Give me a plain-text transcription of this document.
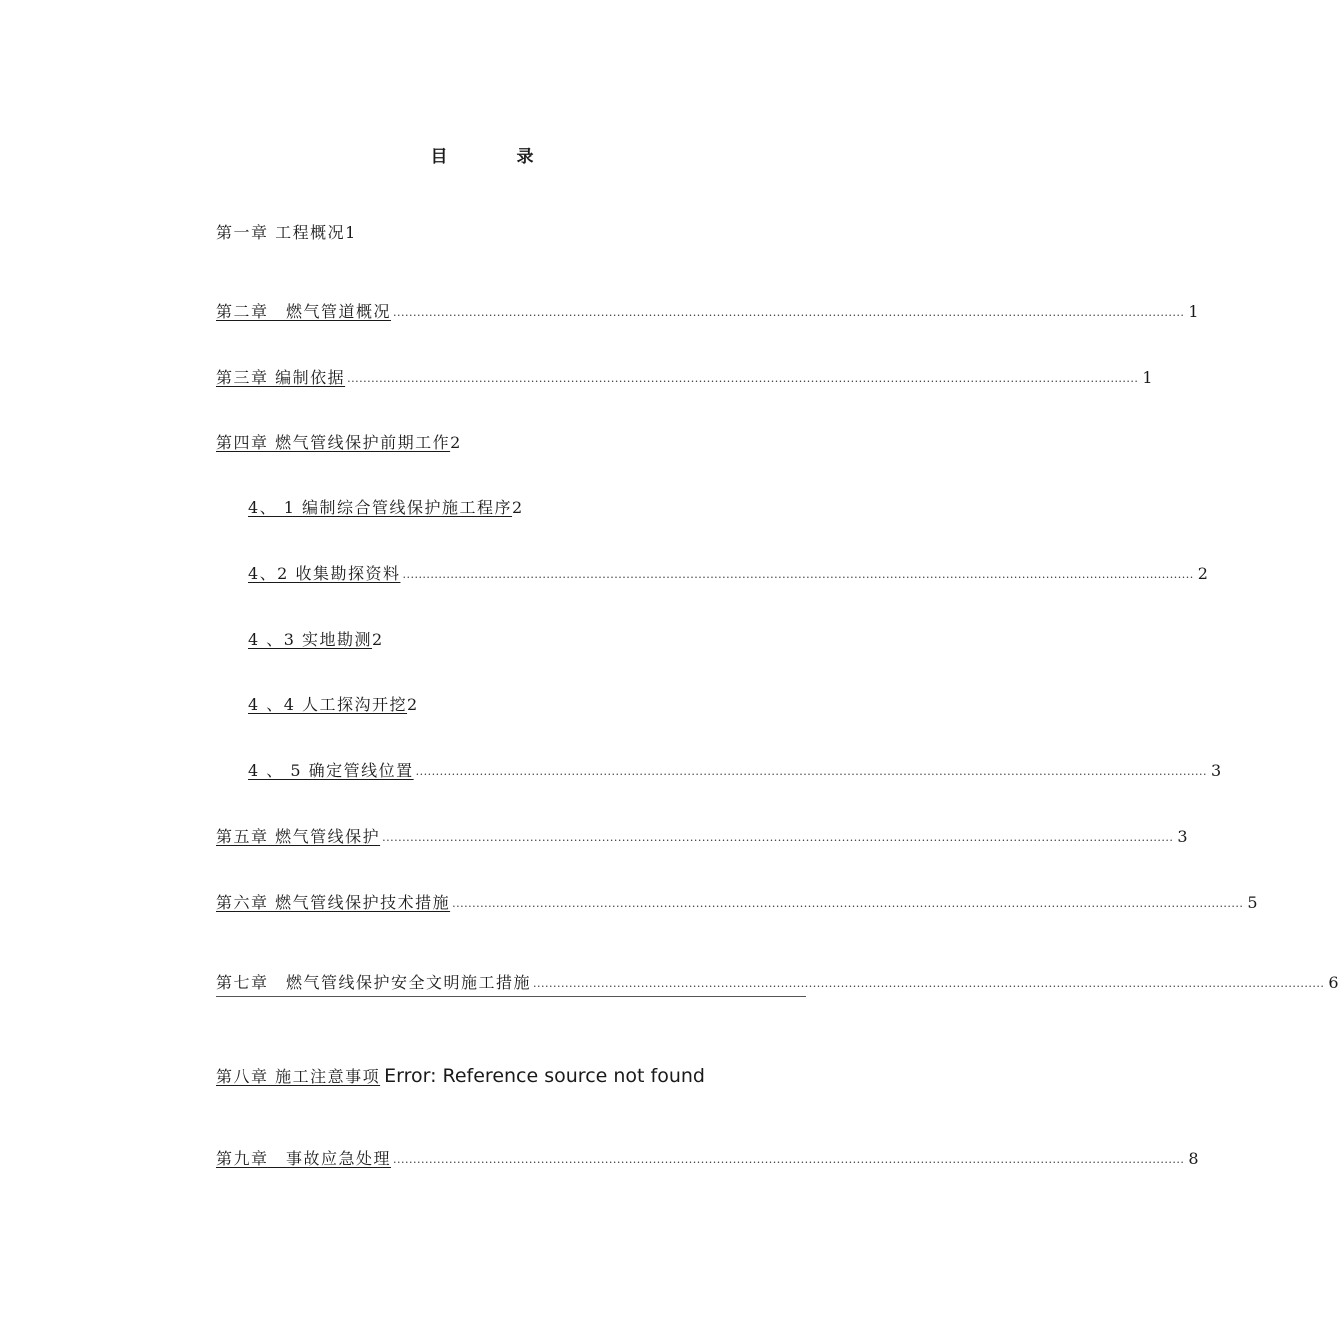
目　录
第一章 工程概况 1
第二章　燃气管道概况 ...................................................................................................................................................................................................... 1
第三章 编制依据 ...................................................................................................................................................................................................... 1
第四章 燃气管线保护前期工作 2
4、 1 编制综合管线保护施工程序 2
4、2 收集勘探资料 ...................................................................................................................................................................................................... 2
4 、3 实地勘测 2
4 、4 人工探沟开挖 2
4 、 5 确定管线位置 ...................................................................................................................................................................................................... 3
第五章 燃气管线保护 ...................................................................................................................................................................................................... 3
第六章 燃气管线保护技术措施 ...................................................................................................................................................................................................... 5
第七章　燃气管线保护安全文明施工措施 ...................................................................................................................................................................................................... 6
第八章 施工注意事项 Error: Reference source not found
第九章　事故应急处理 ...................................................................................................................................................................................................... 8
